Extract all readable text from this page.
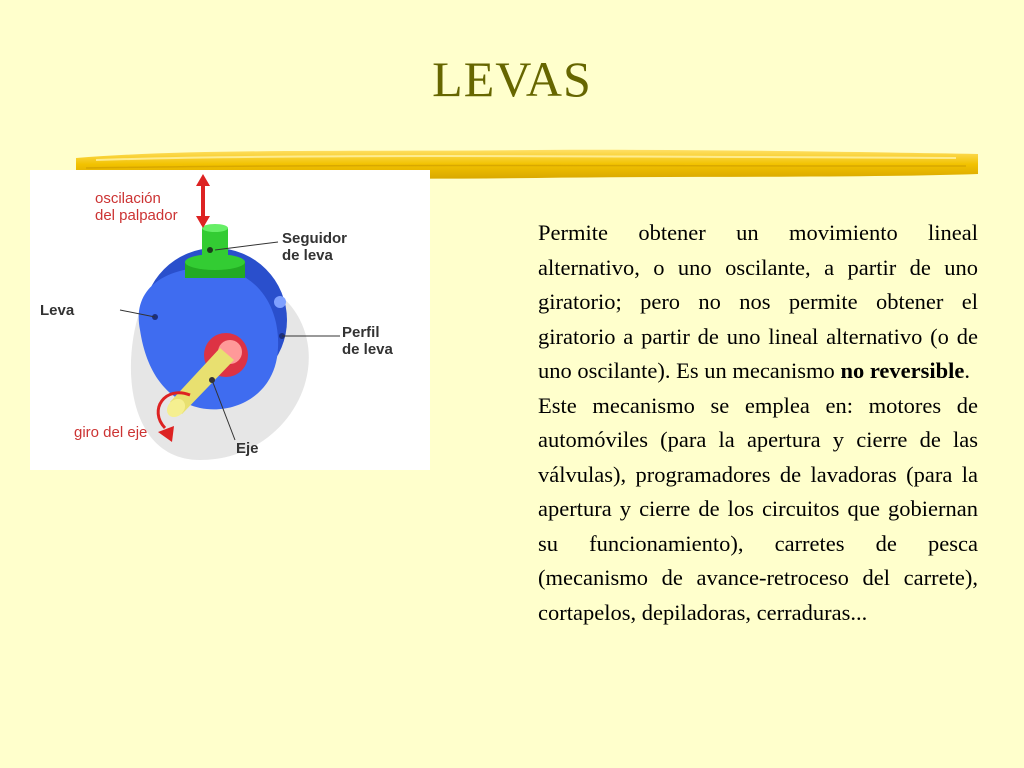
LEVAS
oscilación
del palpador
Seguidor
de leva
Leva
Perfil
de leva
giro del eje
Eje

Permite obtener un movimiento lineal alternativo, o uno oscilante, a partir de uno giratorio; pero no nos permite obtener el giratorio a partir de uno lineal alternativo (o de uno oscilante). Es un mecanismo no reversible.

Este mecanismo se emplea en: motores de automóviles (para la apertura y cierre de las válvulas), programadores de lavadoras (para la apertura y cierre de los circuitos que gobiernan su funcionamiento), carretes de pesca (mecanismo de avance-retroceso del carrete), cortapelos, depiladoras, cerraduras...
